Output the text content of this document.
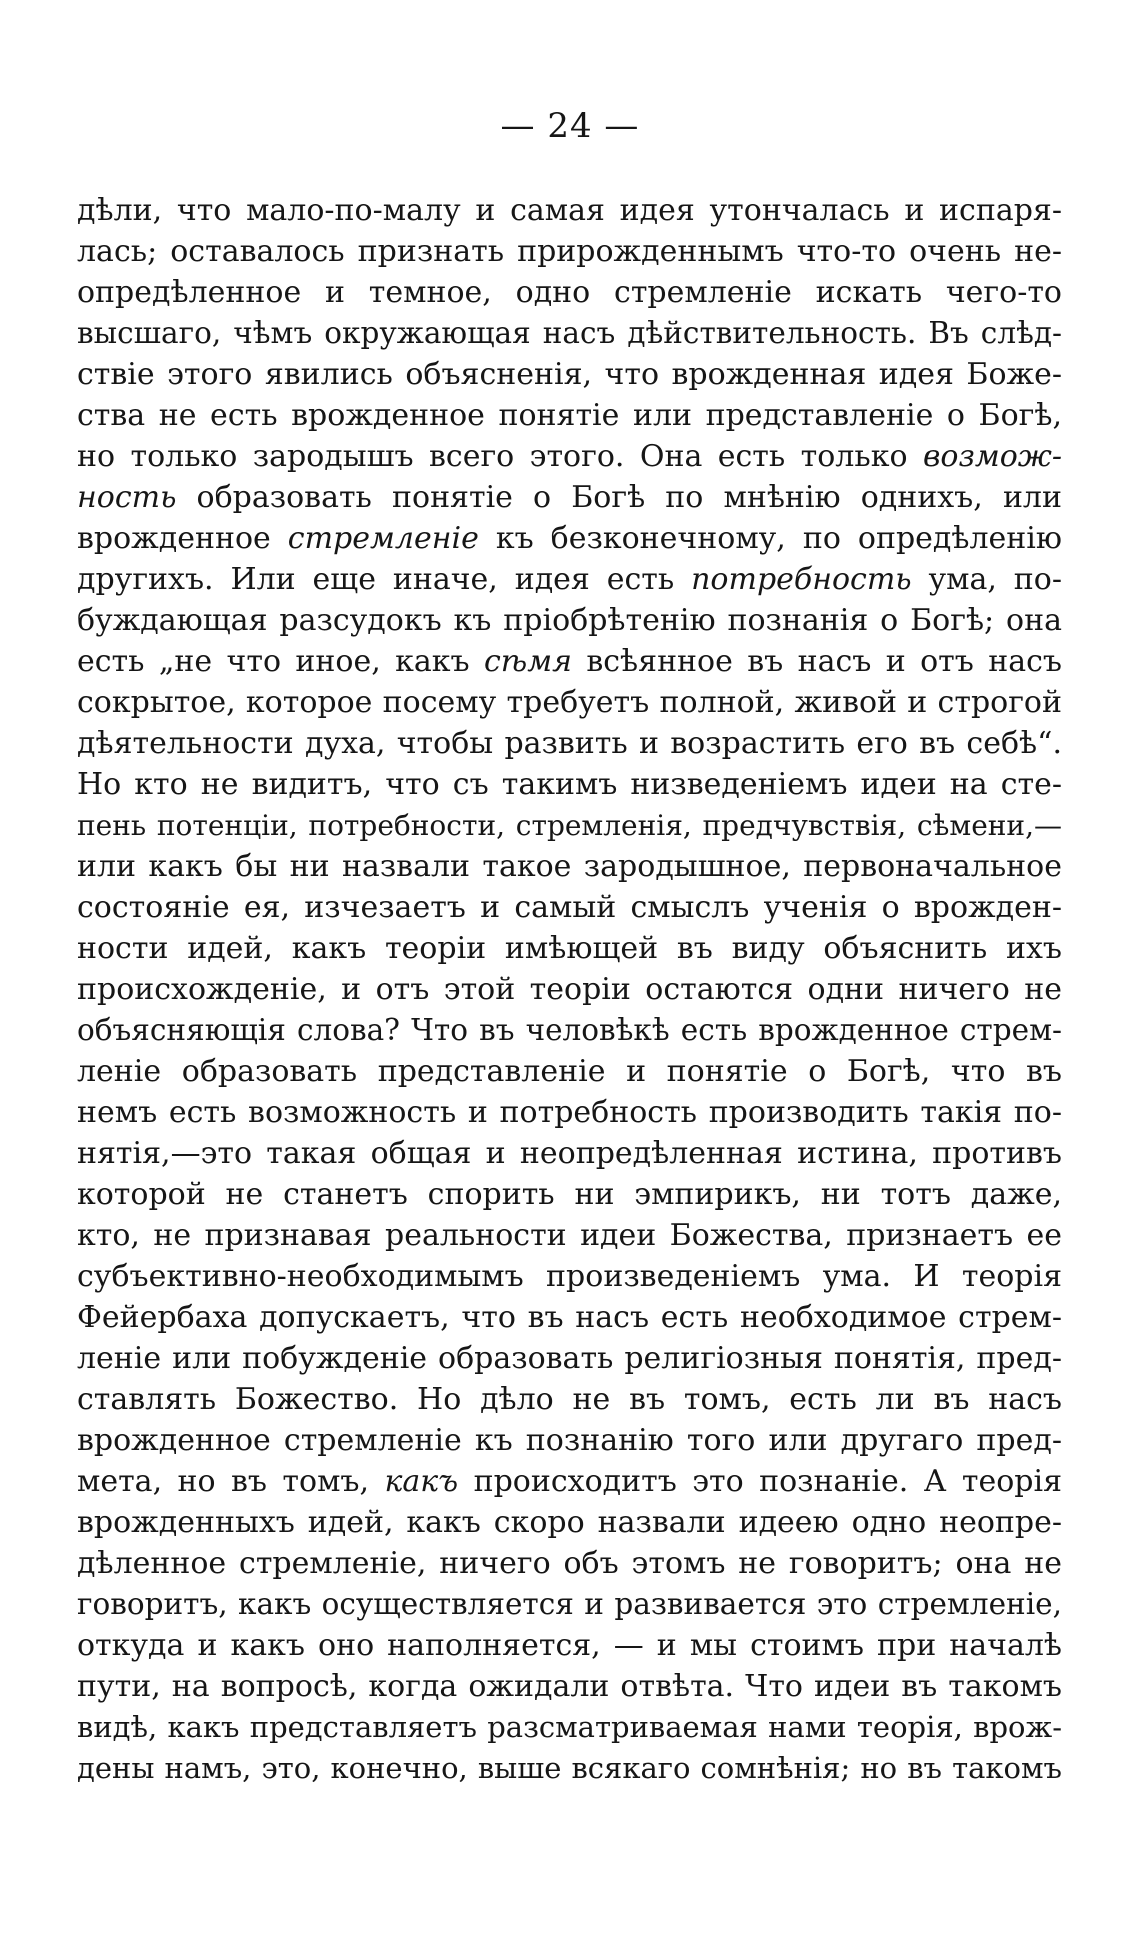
— 24 —
дѣли, что мало-по-малу и самая идея утончалась и испаря-
лась; оставалось признать прирожденнымъ что-то очень не-
опредѣленное и темное, одно стремленіе искать чего-то
высшаго, чѣмъ окружающая насъ дѣйствительность. Въ слѣд-
ствіе этого явились объясненія, что врожденная идея Боже-
ства не есть врожденное понятіе или представленіе о Богѣ,
но только зародышъ всего этого. Она есть только возмож-
ность образовать понятіе о Богѣ по мнѣнію однихъ, или
врожденное стремленіе къ безконечному, по опредѣленію
другихъ. Или еще иначе, идея есть потребность ума, по-
буждающая разсудокъ къ пріобрѣтенію познанія о Богѣ; она
есть „не что иное, какъ сѣмя всѣянное въ насъ и отъ насъ
сокрытое, которое посему требуетъ полной, живой и строгой
дѣятельности духа, чтобы развить и возрастить его въ себѣ“.
Но кто не видитъ, что съ такимъ низведеніемъ идеи на сте-
пень потенціи, потребности, стремленія, предчувствія, сѣмени,—
или какъ бы ни назвали такое зародышное, первоначальное
состояніе ея, изчезаетъ и самый смыслъ ученія о врожден-
ности идей, какъ теоріи имѣющей въ виду объяснить ихъ
происхожденіе, и отъ этой теоріи остаются одни ничего не
объясняющія слова? Что въ человѣкѣ есть врожденное стрем-
леніе образовать представленіе и понятіе о Богѣ, что въ
немъ есть возможность и потребность производить такія по-
нятія,—это такая общая и неопредѣленная истина, противъ
которой не станетъ спорить ни эмпирикъ, ни тотъ даже,
кто, не признавая реальности идеи Божества, признаетъ ее
субъективно-необходимымъ произведеніемъ ума. И теорія
Фейербаха допускаетъ, что въ насъ есть необходимое стрем-
леніе или побужденіе образовать религіозныя понятія, пред-
ставлять Божество. Но дѣло не въ томъ, есть ли въ насъ
врожденное стремленіе къ познанію того или другаго пред-
мета, но въ томъ, какъ происходитъ это познаніе. А теорія
врожденныхъ идей, какъ скоро назвали идеею одно неопре-
дѣленное стремленіе, ничего объ этомъ не говоритъ; она не
говоритъ, какъ осуществляется и развивается это стремленіе,
откуда и какъ оно наполняется, — и мы стоимъ при началѣ
пути, на вопросѣ, когда ожидали отвѣта. Что идеи въ такомъ
видѣ, какъ представляетъ разсматриваемая нами теорія, врож-
дены намъ, это, конечно, выше всякаго сомнѣнія; но въ такомъ
